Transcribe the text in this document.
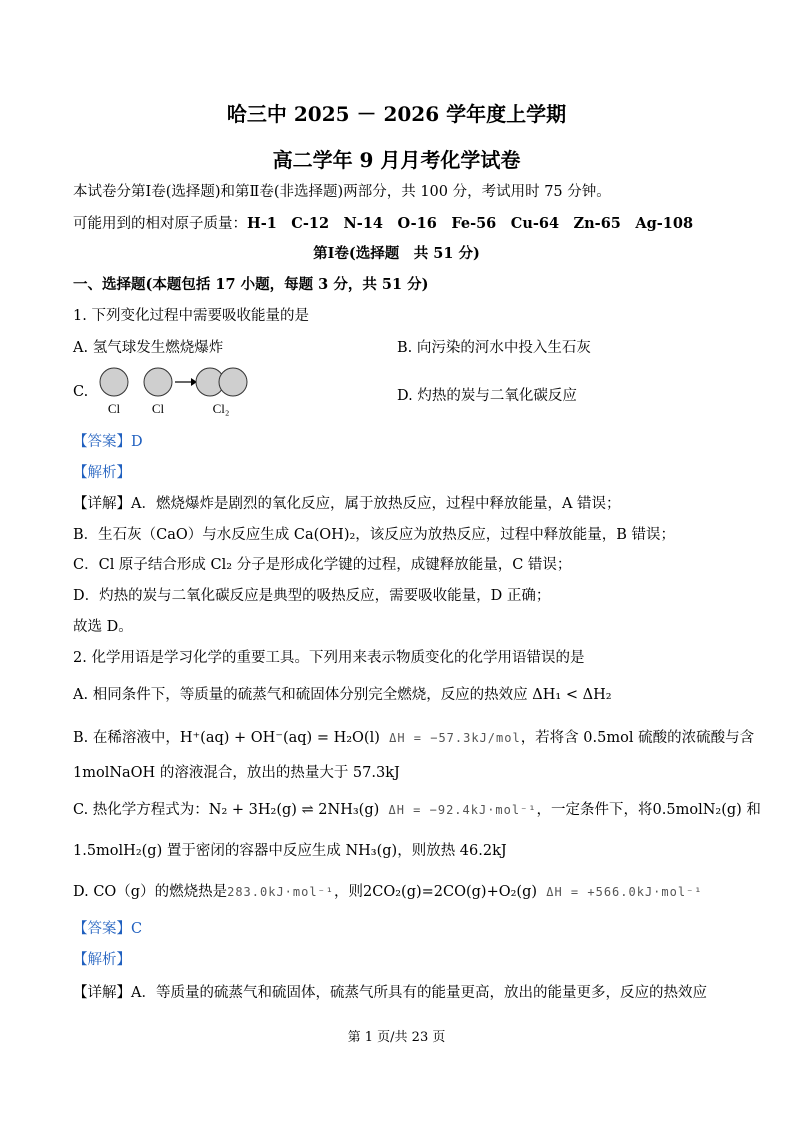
哈三中 2025 － 2026 学年度上学期
高二学年 9 月月考化学试卷
本试卷分第Ⅰ卷(选择题)和第Ⅱ卷(非选择题)两部分，共 100 分，考试用时 75 分钟。
可能用到的相对原子质量：H-1　C-12　N-14　O-16　Fe-56　Cu-64　Zn-65　Ag-108
第Ⅰ卷(选择题　共 51 分)
一、选择题(本题包括 17 小题，每题 3 分，共 51 分)
1. 下列变化过程中需要吸收能量的是
A. 氢气球发生燃烧爆炸	B. 向污染的河水中投入生石灰
C.
Cl Cl	Cl₂
D. 灼热的炭与二氧化碳反应
【答案】D
【解析】
【详解】A．燃烧爆炸是剧烈的氧化反应，属于放热反应，过程中释放能量，A 错误；
B．生石灰（CaO）与水反应生成 Ca(OH)₂，该反应为放热反应，过程中释放能量，B 错误；
C．Cl 原子结合形成 Cl₂ 分子是形成化学键的过程，成键释放能量，C 错误；
D．灼热的炭与二氧化碳反应是典型的吸热反应，需要吸收能量，D 正确；
故选 D。
2. 化学用语是学习化学的重要工具。下列用来表示物质变化的化学用语错误的是
A. 相同条件下，等质量的硫蒸气和硫固体分别完全燃烧，反应的热效应 ΔH₁ < ΔH₂
B. 在稀溶液中，H⁺(aq) + OH⁻(aq) = H₂O(l) ΔH = −57.3kJ/mol，若将含 0.5mol 硫酸的浓硫酸与含
1molNaOH 的溶液混合，放出的热量大于 57.3kJ
C. 热化学方程式为：N₂ + 3H₂(g) ⇌ 2NH₃(g) ΔH = −92.4kJ·mol⁻¹，一定条件下，将0.5molN₂(g) 和
1.5molH₂(g) 置于密闭的容器中反应生成 NH₃(g)，则放热 46.2kJ
D. CO（g）的燃烧热是283.0kJ·mol⁻¹，则2CO₂(g)=2CO(g)+O₂(g) ΔH = +566.0kJ·mol⁻¹
【答案】C
【解析】
【详解】A．等质量的硫蒸气和硫固体，硫蒸气所具有的能量更高，放出的能量更多，反应的热效应
第 1 页/共 23 页
